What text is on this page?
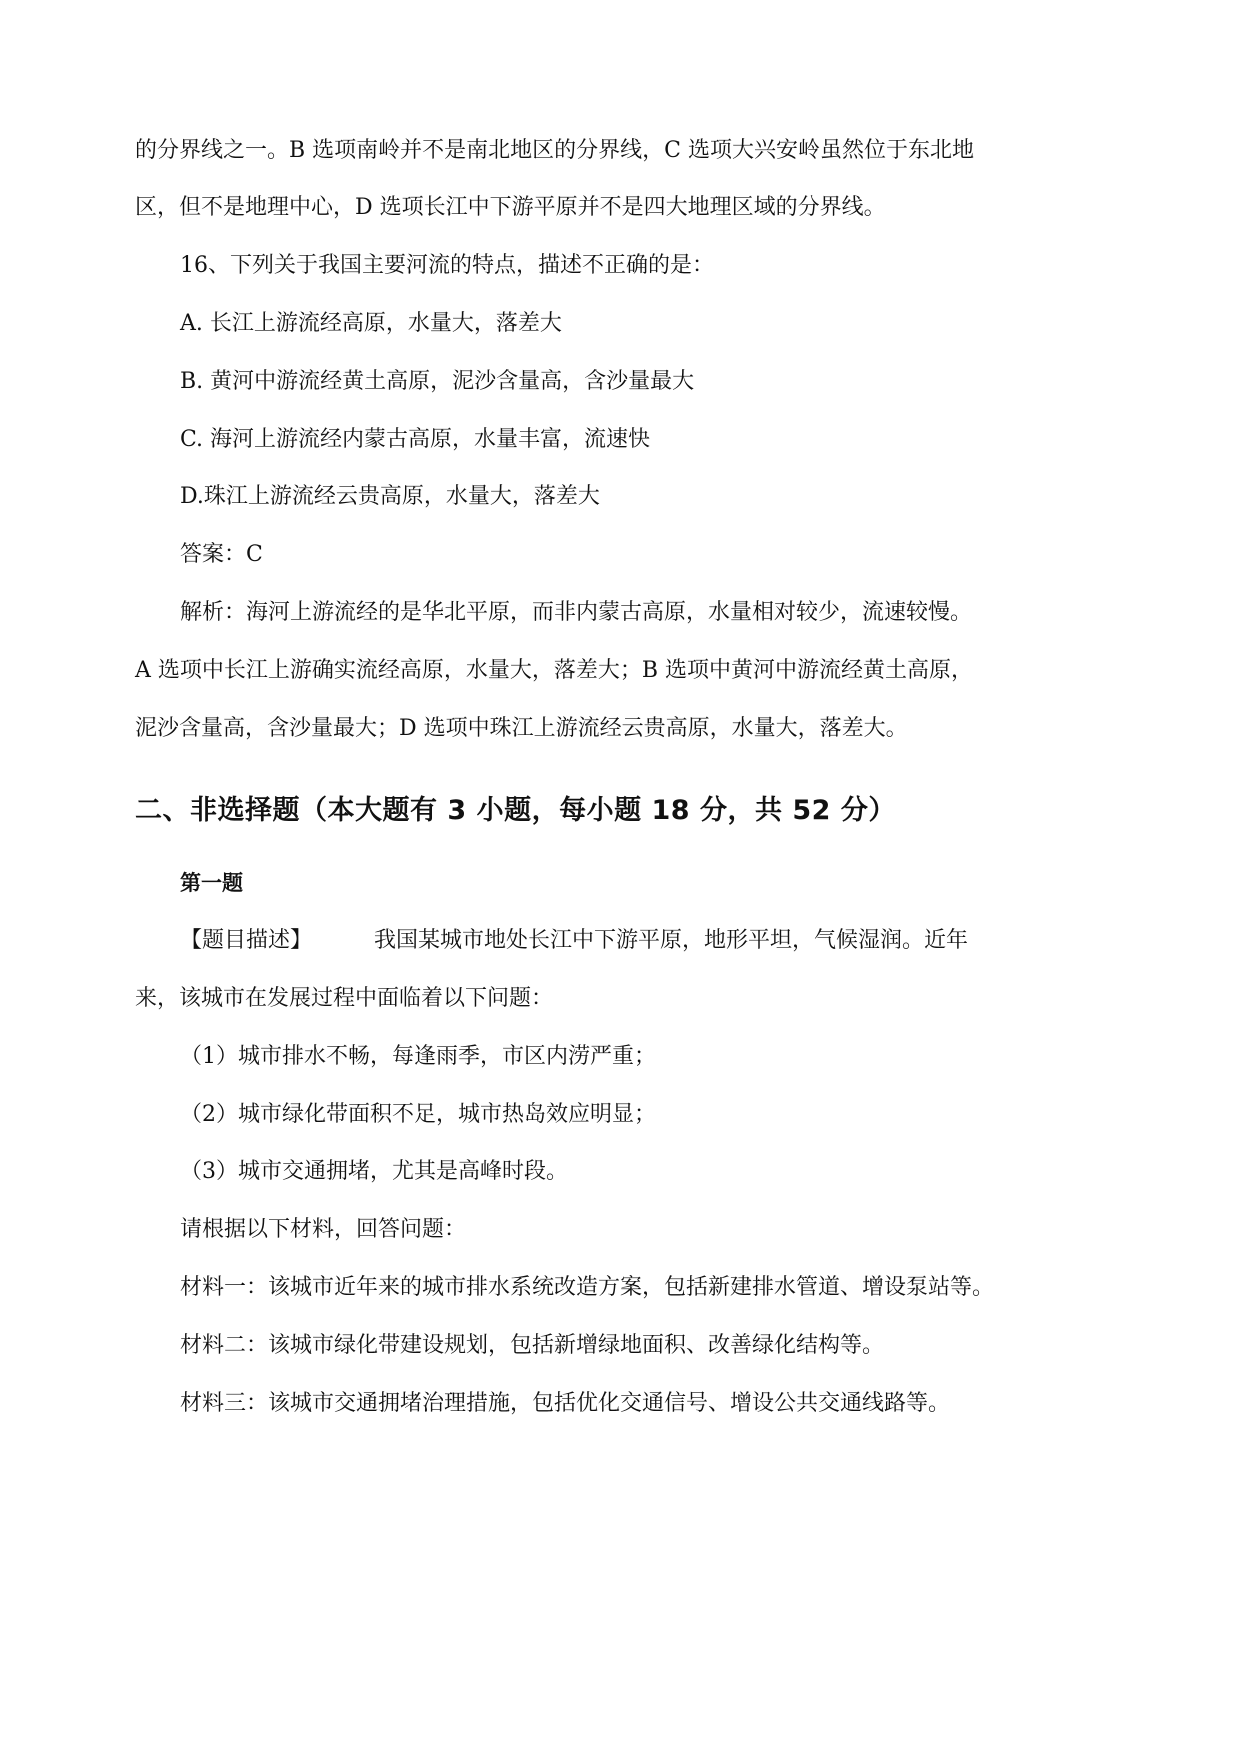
的分界线之一。B 选项南岭并不是南北地区的分界线，C 选项大兴安岭虽然位于东北地
区，但不是地理中心，D 选项长江中下游平原并不是四大地理区域的分界线。
16、下列关于我国主要河流的特点，描述不正确的是：
A. 长江上游流经高原，水量大，落差大
B. 黄河中游流经黄土高原，泥沙含量高，含沙量最大
C. 海河上游流经内蒙古高原，水量丰富，流速快
D.珠江上游流经云贵高原，水量大，落差大
答案：C
解析：海河上游流经的是华北平原，而非内蒙古高原，水量相对较少，流速较慢。
A 选项中长江上游确实流经高原，水量大，落差大；B 选项中黄河中游流经黄土高原，
泥沙含量高，含沙量最大；D 选项中珠江上游流经云贵高原，水量大，落差大。
二、非选择题（本大题有 3 小题，每小题 18 分，共 52 分）
第一题
【题目描述】	我国某城市地处长江中下游平原，地形平坦，气候湿润。近年
来，该城市在发展过程中面临着以下问题：
（1）城市排水不畅，每逢雨季，市区内涝严重；
（2）城市绿化带面积不足，城市热岛效应明显；
（3）城市交通拥堵，尤其是高峰时段。
请根据以下材料，回答问题：
材料一：该城市近年来的城市排水系统改造方案，包括新建排水管道、增设泵站等。
材料二：该城市绿化带建设规划，包括新增绿地面积、改善绿化结构等。
材料三：该城市交通拥堵治理措施，包括优化交通信号、增设公共交通线路等。
